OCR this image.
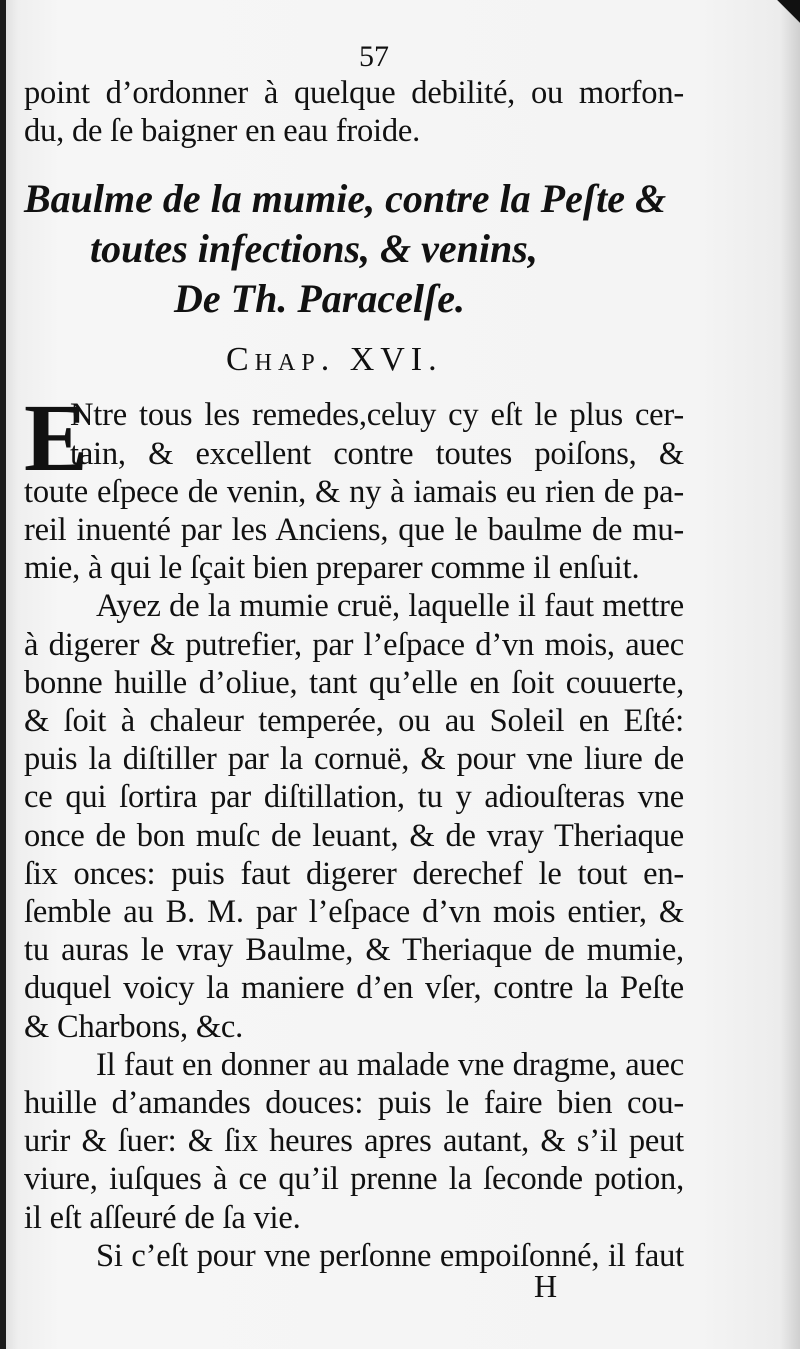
57
point d’ordonner à quelque debilité, ou morfon-
du, de ſe baigner en eau froide.
Baulme de la mumie, contre la Peſte &
toutes infections, & venins,
De Th. Paracelſe.
Chap. XVI.
E
Ntre tous les remedes,celuy cy eſt le plus cer-
tain, & excellent contre toutes poiſons, &
toute eſpece de venin, & ny à iamais eu rien de pa-
reil inuenté par les Anciens, que le baulme de mu-
mie, à qui le ſçait bien preparer comme il enſuit.
Ayez de la mumie cruë, laquelle il faut mettre
à digerer & putrefier, par l’eſpace d’vn mois, auec
bonne huille d’oliue, tant qu’elle en ſoit couuerte,
& ſoit à chaleur temperée, ou au Soleil en Eſté:
puis la diſtiller par la cornuë, & pour vne liure de
ce qui ſortira par diſtillation, tu y adiouſteras vne
once de bon muſc de leuant, & de vray Theriaque
ſix onces: puis faut digerer derechef le tout en-
ſemble au B. M. par l’eſpace d’vn mois entier, &
tu auras le vray Baulme, & Theriaque de mumie,
duquel voicy la maniere d’en vſer, contre la Peſte
& Charbons, &c.
Il faut en donner au malade vne dragme, auec
huille d’amandes douces: puis le faire bien cou-
urir & ſuer: & ſix heures apres autant, & s’il peut
viure, iuſques à ce qu’il prenne la ſeconde potion,
il eſt aſſeuré de ſa vie.
Si c’eſt pour vne perſonne empoiſonné, il faut
H
